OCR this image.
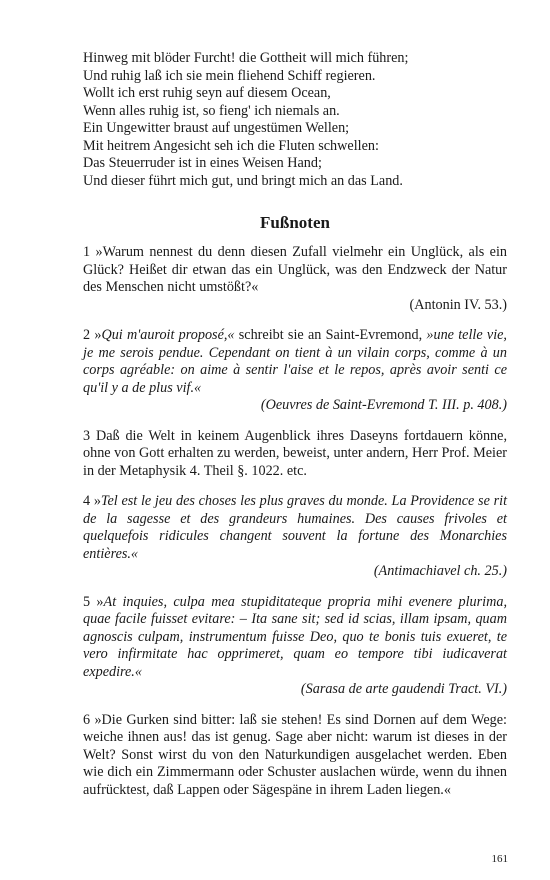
Hinweg mit blöder Furcht! die Gottheit will mich führen;
Und ruhig laß ich sie mein fliehend Schiff regieren.
Wollt ich erst ruhig seyn auf diesem Ocean,
Wenn alles ruhig ist, so fieng' ich niemals an.
Ein Ungewitter braust auf ungestümen Wellen;
Mit heitrem Angesicht seh ich die Fluten schwellen:
Das Steuerruder ist in eines Weisen Hand;
Und dieser führt mich gut, und bringt mich an das Land.
Fußnoten
1 »Warum nennest du denn diesen Zufall vielmehr ein Unglück, als ein Glück? Heißet dir etwan das ein Unglück, was den Endzweck der Natur des Menschen nicht umstößt?«
(Antonin IV. 53.)
2 »Qui m'auroit proposé,« schreibt sie an Saint-Evremond, »une telle vie, je me serois pendue. Cependant on tient à un vilain corps, comme à un corps agréable: on aime à sentir l'aise et le repos, après avoir senti ce qu'il y a de plus vif.«
(Oeuvres de Saint-Evremond T. III. p. 408.)
3 Daß die Welt in keinem Augenblick ihres Daseyns fortdauern könne, ohne von Gott erhalten zu werden, beweist, unter andern, Herr Prof. Meier in der Metaphysik 4. Theil §. 1022. etc.
4 »Tel est le jeu des choses les plus graves du monde. La Providence se rit de la sagesse et des grandeurs humaines. Des causes frivoles et quelquefois ridicules changent souvent la fortune des Monarchies entières.«
(Antimachiavel ch. 25.)
5 »At inquies, culpa mea stupiditateque propria mihi evenere plurima, quae facile fuisset evitare: – Ita sane sit; sed id scias, illam ipsam, quam agnoscis culpam, instrumentum fuisse Deo, quo te bonis tuis exueret, te vero infirmitate hac opprimeret, quam eo tempore tibi iudicaverat expedire.«
(Sarasa de arte gaudendi Tract. VI.)
6 »Die Gurken sind bitter: laß sie stehen! Es sind Dornen auf dem Wege: weiche ihnen aus! das ist genug. Sage aber nicht: warum ist dieses in der Welt? Sonst wirst du von den Naturkundigen ausgelachet werden. Eben wie dich ein Zimmermann oder Schuster auslachen würde, wenn du ihnen aufrücktest, daß Lappen oder Sägespäne in ihrem Laden liegen.«
161
